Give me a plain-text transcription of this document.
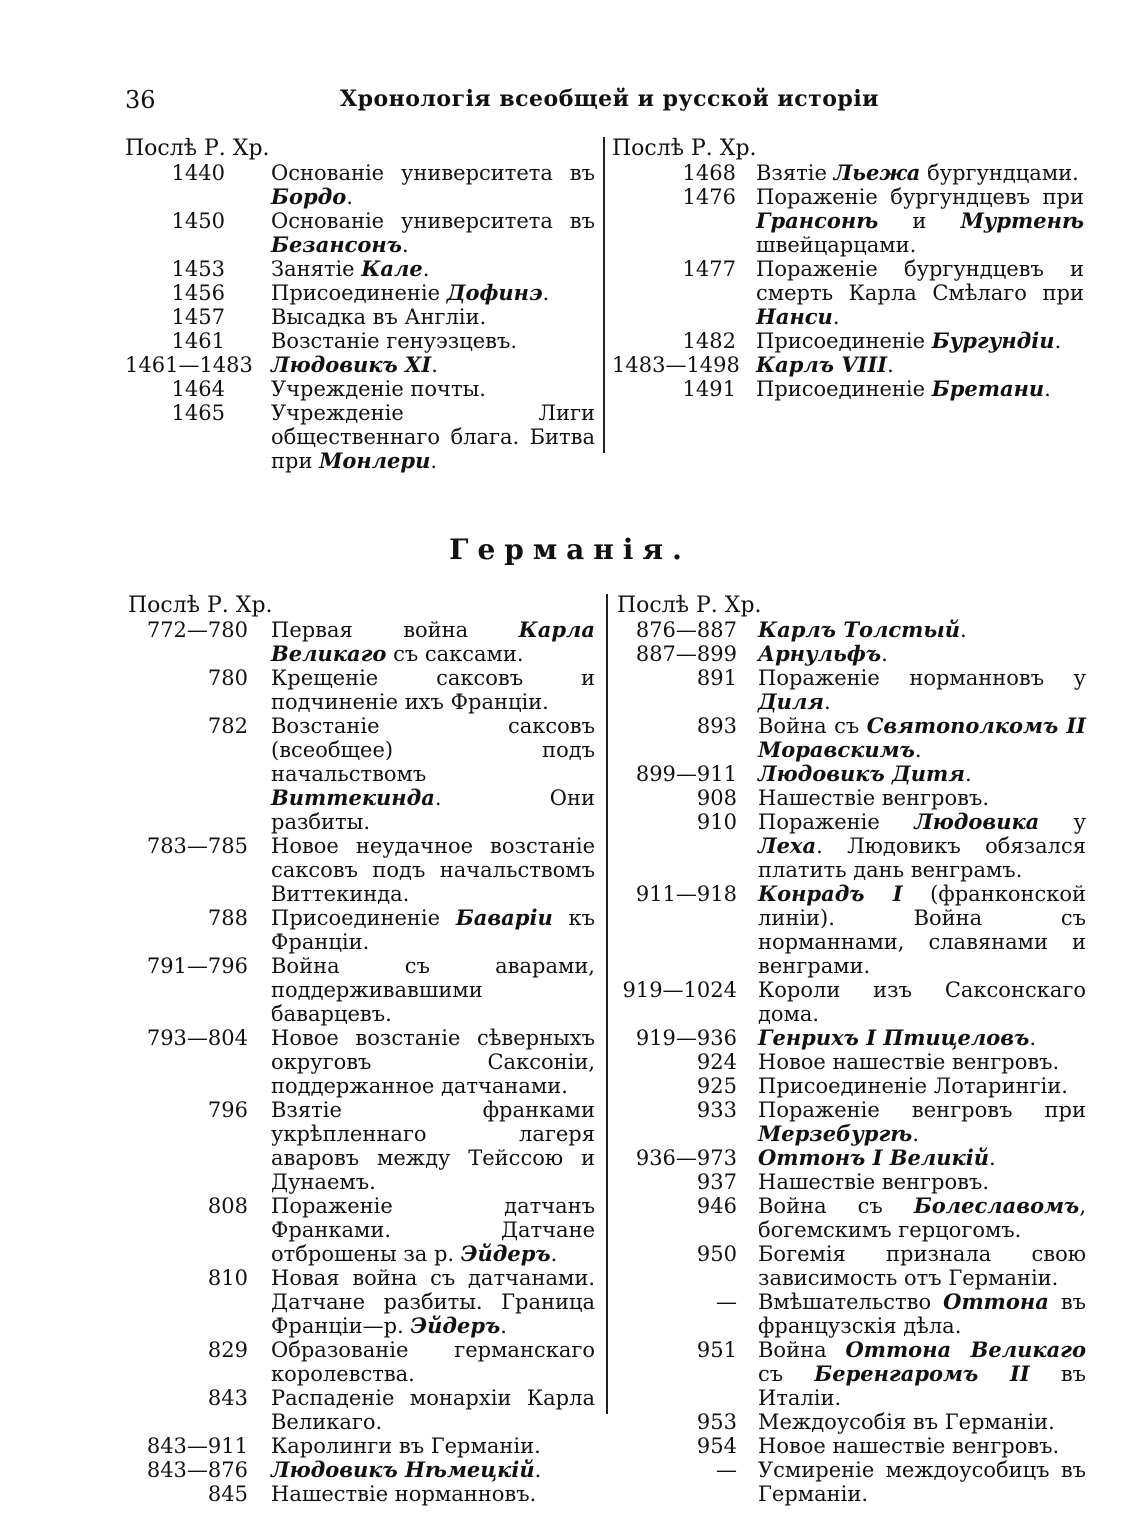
36	Хронологія всеобщей и русской исторіи
Послѣ Р. Хр.
1440 Основаніе университета въ Бордо.
1450 Основаніе университета въ Безансонъ.
1453 Занятіе Кале.
1456 Присоединеніе Дофинэ.
1457 Высадка въ Англіи.
1461 Возстаніе генуэзцевъ.
1461—1483 Людовикъ XI.
1464 Учрежденіе почты.
1465 Учрежденіе Лиги общественнаго блага. Битва при Монлери.
Послѣ Р. Хр.
1468 Взятіе Льежа бургундцами.
1476 Пораженіе бургундцевъ при Грансонѣ и Муртенѣ швейцарцами.
1477 Пораженіе бургундцевъ и смерть Карла Смѣлаго при Нанси.
1482 Присоединеніе Бургундіи.
1483—1498 Карлъ VIII.
1491 Присоединеніе Бретани.
Германія.
Послѣ Р. Хр.
772—780 Первая война Карла Великаго съ саксами.
780 Крещеніе саксовъ и подчиненіе ихъ Франціи.
782 Возстаніе саксовъ (всеобщее) подъ начальствомъ Виттекинда. Они разбиты.
783—785 Новое неудачное возстаніе саксовъ подъ начальствомъ Виттекинда.
788 Присоединеніе Баваріи къ Франціи.
791—796 Война съ аварами, поддерживавшими баварцевъ.
793—804 Новое возстаніе сѣверныхъ округовъ Саксоніи, поддержанное датчанами.
796 Взятіе франками укрѣпленнаго лагеря аваровъ между Тейссою и Дунаемъ.
808 Пораженіе датчанъ Франками. Датчане отброшены за р. Эйдеръ.
810 Новая война съ датчанами. Датчане разбиты. Граница Франціи—р. Эйдеръ.
829 Образованіе германскаго королевства.
843 Распаденіе монархіи Карла Великаго.
843—911 Каролинги въ Германіи.
843—876 Людовикъ Нѣмецкій.
845 Нашествіе норманновъ.
Послѣ Р. Хр.
876—887 Карлъ Толстый.
887—899 Арнульфъ.
891 Пораженіе норманновъ у Диля.
893 Война съ Святополкомъ II Моравскимъ.
899—911 Людовикъ Дитя.
908 Нашествіе венгровъ.
910 Пораженіе Людовика у Леха. Людовикъ обязался платить дань венграмъ.
911—918 Конрадъ I (франконской линіи). Война съ норманнами, славянами и венграми.
919—1024 Короли изъ Саксонскаго дома.
919—936 Генрихъ I Птицеловъ.
924 Новое нашествіе венгровъ.
925 Присоединеніе Лотарингіи.
933 Пораженіе венгровъ при Мерзебургѣ.
936—973 Оттонъ I Великій.
937 Нашествіе венгровъ.
946 Война съ Болеславомъ, богемскимъ герцогомъ.
950 Богемія признала свою зависимость отъ Германіи.
— Вмѣшательство Оттона въ французскія дѣла.
951 Война Оттона Великаго съ Беренгаромъ II въ Италіи.
953 Междоусобія въ Германіи.
954 Новое нашествіе венгровъ.
— Усмиреніе междоусобицъ въ Германіи.
